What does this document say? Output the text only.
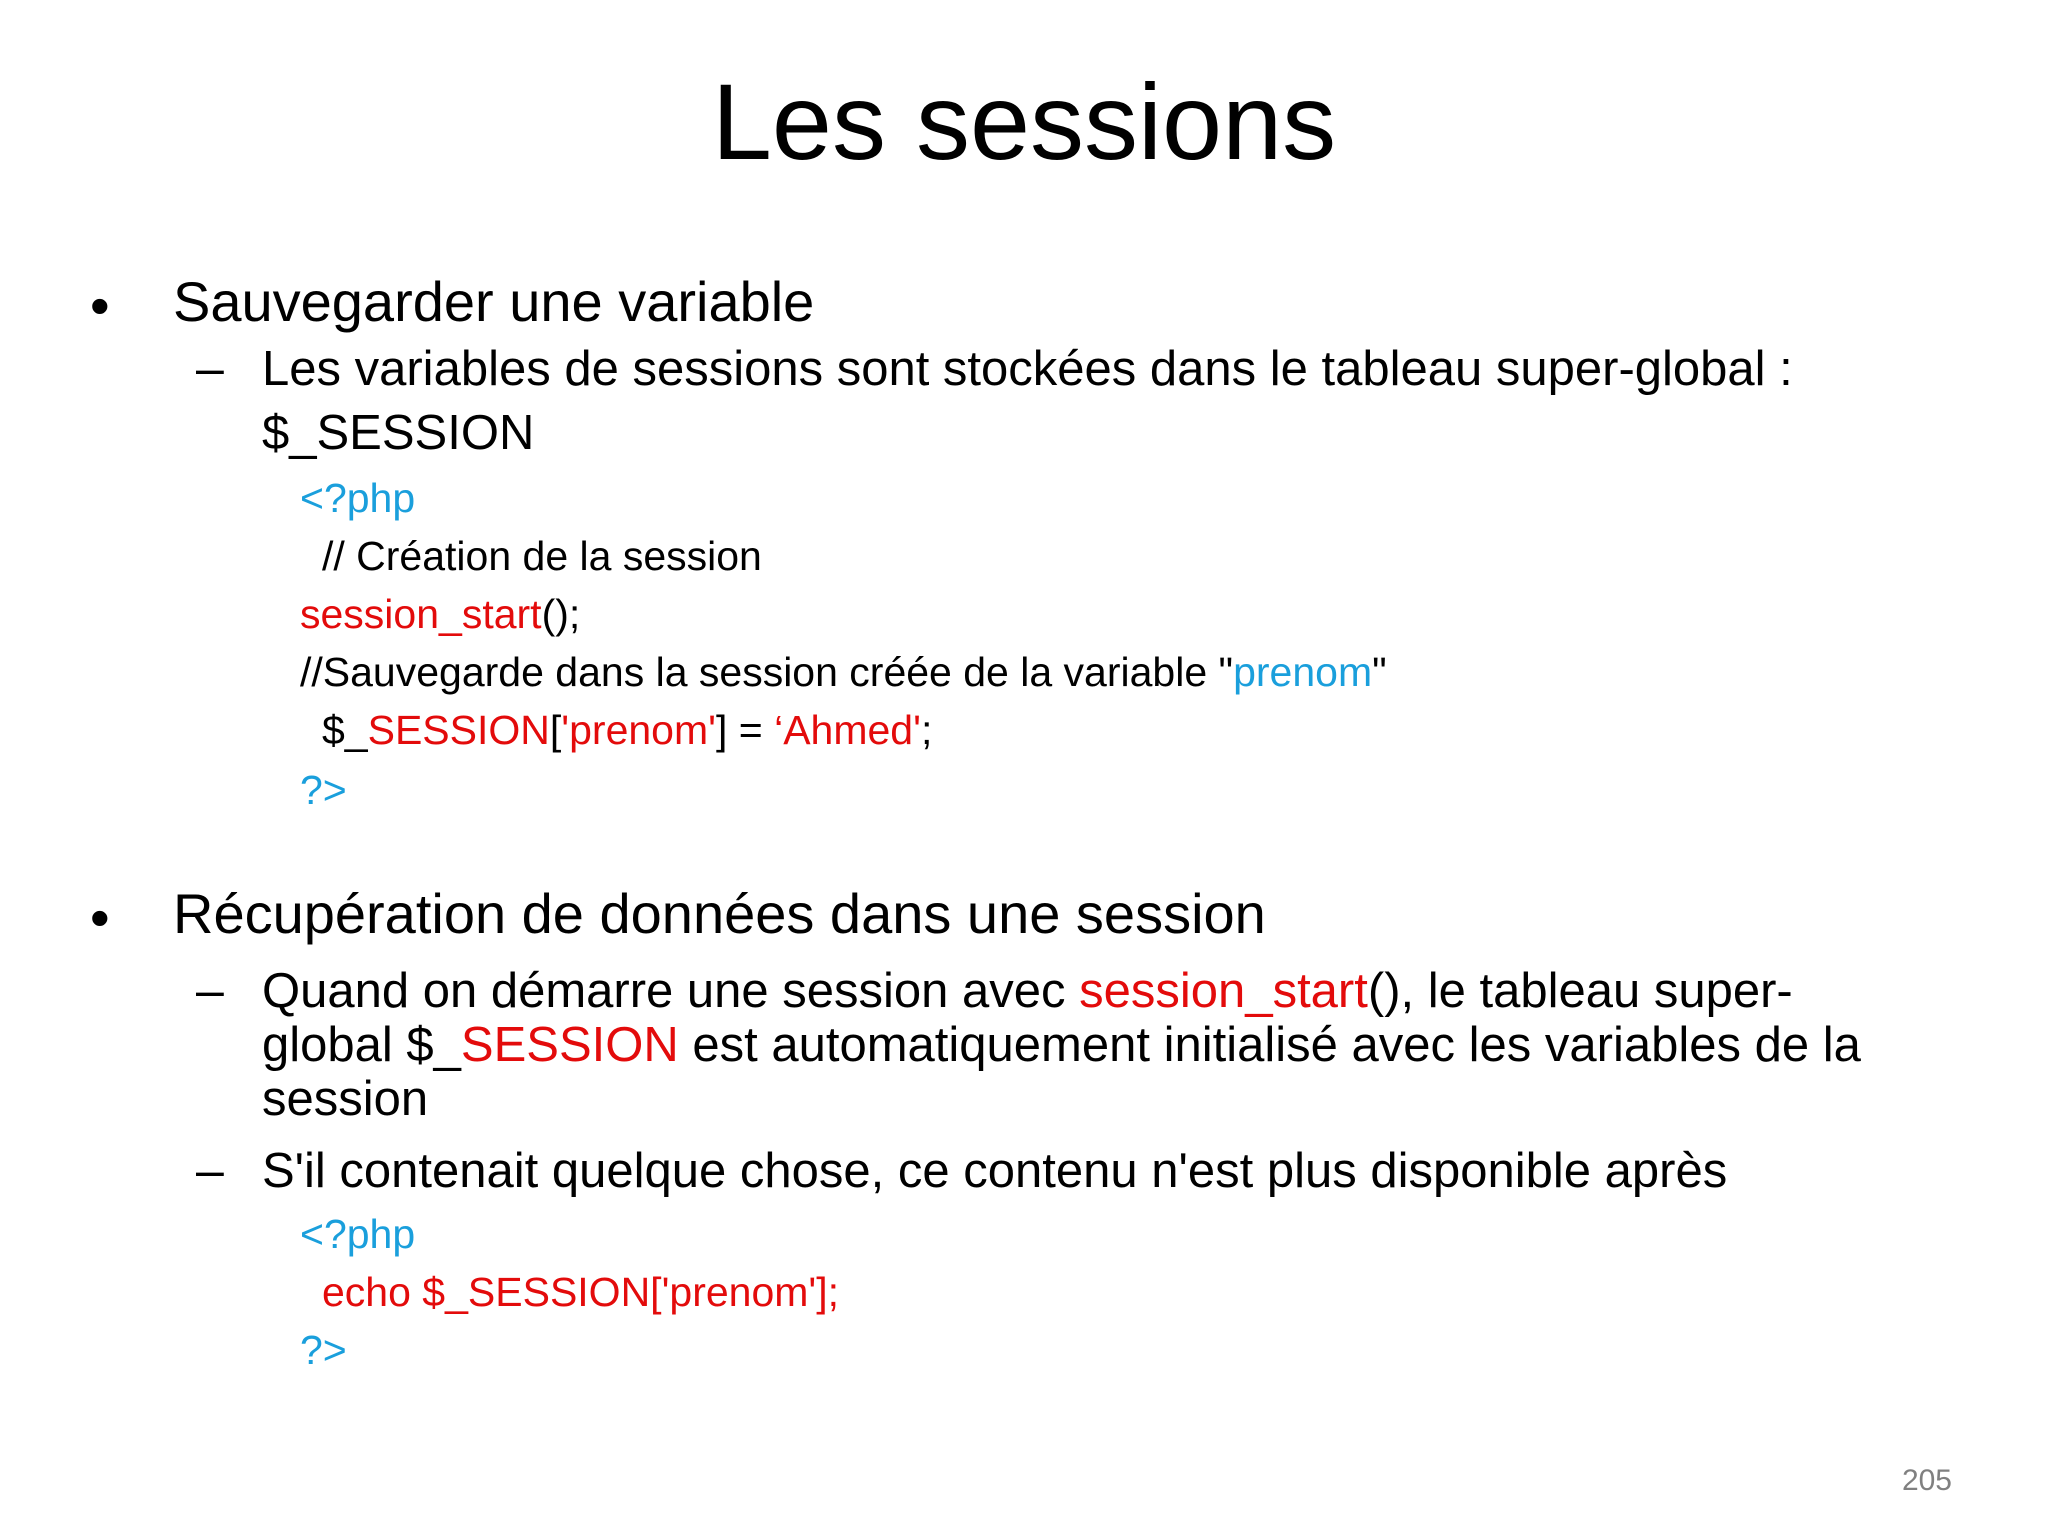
Les sessions
• Sauvegarder une variable
– Les variables de sessions sont stockées dans le tableau super-global :
$_SESSION
<?php
// Création de la session
session_start();
//Sauvegarde dans la session créée de la variable "prenom"
$_SESSION['prenom'] = ‘Ahmed';
?>
• Récupération de données dans une session
– Quand on démarre une session avec session_start(), le tableau super-
global $_SESSION est automatiquement initialisé avec les variables de la
session
– S'il contenait quelque chose, ce contenu n'est plus disponible après
<?php
echo $_SESSION['prenom'];
?>
205
